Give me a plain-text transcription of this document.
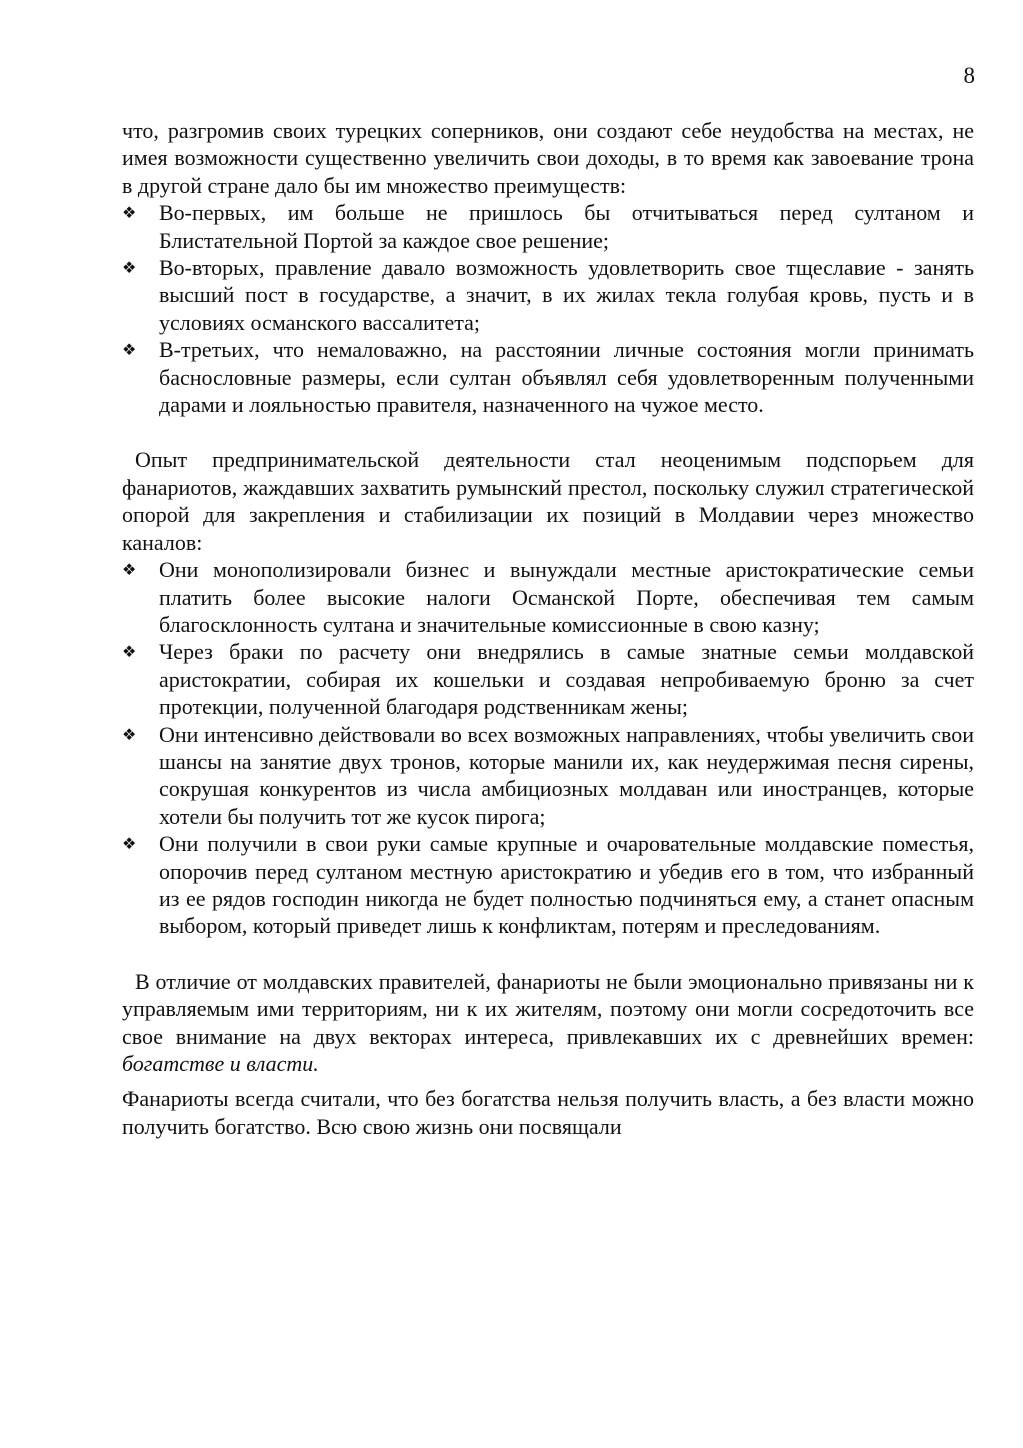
8

что, разгромив своих турецких соперников, они создают себе неудобства на местах, не имея возможности существенно увеличить свои доходы, в то время как завоевание трона в другой стране дало бы им множество преимуществ:

❖	Во-первых, им больше не пришлось бы отчитываться перед султаном и Блистательной Портой за каждое свое решение;
❖	Во-вторых, правление давало возможность удовлетворить свое тщеславие - занять высший пост в государстве, а значит, в их жилах текла голубая кровь, пусть и в условиях османского вассалитета;
❖	В-третьих, что немаловажно, на расстоянии личные состояния могли принимать баснословные размеры, если султан объявлял себя удовлетворенным полученными дарами и лояльностью правителя, назначенного на чужое место.

Опыт предпринимательской деятельности стал неоценимым подспорьем для фанариотов, жаждавших захватить румынский престол, поскольку служил стратегической опорой для закрепления и стабилизации их позиций в Молдавии через множество каналов:

❖	Они монополизировали бизнес и вынуждали местные аристократические семьи платить более высокие налоги Османской Порте, обеспечивая тем самым благосклонность султана и значительные комиссионные в свою казну;
❖	Через браки по расчету они внедрялись в самые знатные семьи молдавской аристократии, собирая их кошельки и создавая непробиваемую броню за счет протекции, полученной благодаря родственникам жены;
❖	Они интенсивно действовали во всех возможных направлениях, чтобы увеличить свои шансы на занятие двух тронов, которые манили их, как неудержимая песня сирены, сокрушая конкурентов из числа амбициозных молдаван или иностранцев, которые хотели бы получить тот же кусок пирога;
❖	Они получили в свои руки самые крупные и очаровательные молдавские поместья, опорочив перед султаном местную аристократию и убедив его в том, что избранный из ее рядов господин никогда не будет полностью подчиняться ему, а станет опасным выбором, который приведет лишь к конфликтам, потерям и преследованиям.

В отличие от молдавских правителей, фанариоты не были эмоционально привязаны ни к управляемым ими территориям, ни к их жителям, поэтому они могли сосредоточить все свое внимание на двух векторах интереса, привлекавших их с древнейших времен: богатстве и власти.

Фанариоты всегда считали, что без богатства нельзя получить власть, а без власти можно получить богатство. Всю свою жизнь они посвящали
